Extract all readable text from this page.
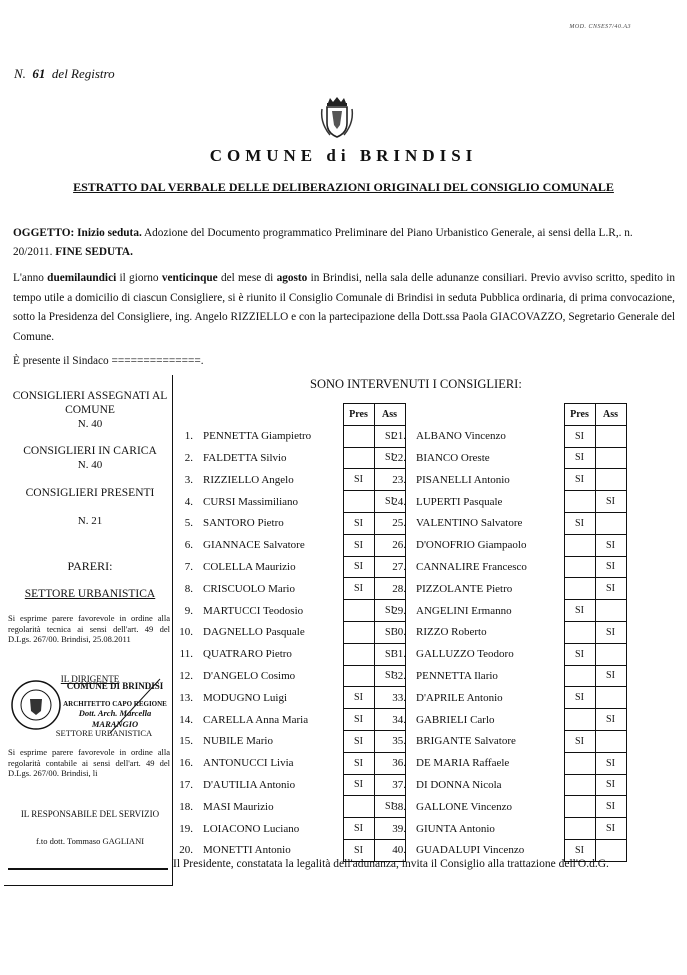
MOD. CNSES7/40.A3
N. 61 del Registro
COMUNE di BRINDISI
ESTRATTO DAL VERBALE DELLE DELIBERAZIONI ORIGINALI DEL CONSIGLIO COMUNALE
OGGETTO: Inizio seduta. Adozione del Documento programmatico Preliminare del Piano Urbanistico Generale, ai sensi della L.R,. n. 20/2011. FINE SEDUTA.
L'anno duemilaundici il giorno venticinque del mese di agosto in Brindisi, nella sala delle adunanze consiliari. Previo avviso scritto, spedito in tempo utile a domicilio di ciascun Consigliere, si è riunito il Consiglio Comunale di Brindisi in seduta Pubblica ordinaria, di prima convocazione, sotto la Presidenza del Consigliere, ing. Angelo RIZZIELLO e con la partecipazione della Dott.ssa Paola GIACOVAZZO, Segretario Generale del Comune.
È presente il Sindaco ==============.
CONSIGLIERI ASSEGNATI AL COMUNE
N. 40
CONSIGLIERI IN CARICA
N. 40
CONSIGLIERI PRESENTI
N. 21
PARERI:
SETTORE URBANISTICA
Si esprime parere favorevole in ordine alla regolarità tecnica ai sensi dell'art. 49 del D.Lgs. 267/00. Brindisi, 25.08.2011
IL DIRIGENTE
COMUNE DI BRINDISI
ARCHITETTO CAPO REGIONE
Dott. Arch. Marcella MARANGIO
SETTORE URBANISTICA
Si esprime parere favorevole in ordine alla regolarità contabile ai sensi dell'art. 49 del D.Lgs. 267/00. Brindisi, li
IL RESPONSABILE DEL SERVIZIO
f.to dott. Tommaso GAGLIANI
SONO INTERVENUTI I CONSIGLIERI:
		Pres	Ass
1.	PENNETTA Giampietro		SI
2.	FALDETTA Silvio		SI
3.	RIZZIELLO Angelo	SI	
4.	CURSI Massimiliano		SI
5.	SANTORO Pietro	SI	
6.	GIANNACE Salvatore	SI	
7.	COLELLA Maurizio	SI	
8.	CRISCUOLO Mario	SI	
9.	MARTUCCI Teodosio		SI
10.	DAGNELLO Pasquale		SI
11.	QUATRARO Pietro		SI
12.	D'ANGELO Cosimo		SI
13.	MODUGNO Luigi	SI	
14.	CARELLA Anna Maria	SI	
15.	NUBILE Mario	SI	
16.	ANTONUCCI Livia	SI	
17.	D'AUTILIA Antonio	SI	
18.	MASI Maurizio		SI
19.	LOIACONO Luciano	SI	
20.	MONETTI Antonio	SI	
		Pres	Ass
21.	ALBANO Vincenzo	SI	
22.	BIANCO Oreste	SI	
23.	PISANELLI Antonio	SI	
24.	LUPERTI Pasquale		SI
25.	VALENTINO Salvatore	SI	
26.	D'ONOFRIO Giampaolo		SI
27.	CANNALIRE Francesco		SI
28.	PIZZOLANTE Pietro		SI
29.	ANGELINI Ermanno	SI	
30.	RIZZO Roberto		SI
31.	GALLUZZO Teodoro	SI	
32.	PENNETTA Ilario		SI
33.	D'APRILE Antonio	SI	
34.	GABRIELI Carlo		SI
35.	BRIGANTE Salvatore	SI	
36.	DE MARIA Raffaele		SI
37.	DI DONNA Nicola		SI
38.	GALLONE Vincenzo		SI
39.	GIUNTA Antonio		SI
40.	GUADALUPI Vincenzo	SI	
Il Presidente, constatata la legalità dell'adunanza, invita il Consiglio alla trattazione dell'O.d.G.
